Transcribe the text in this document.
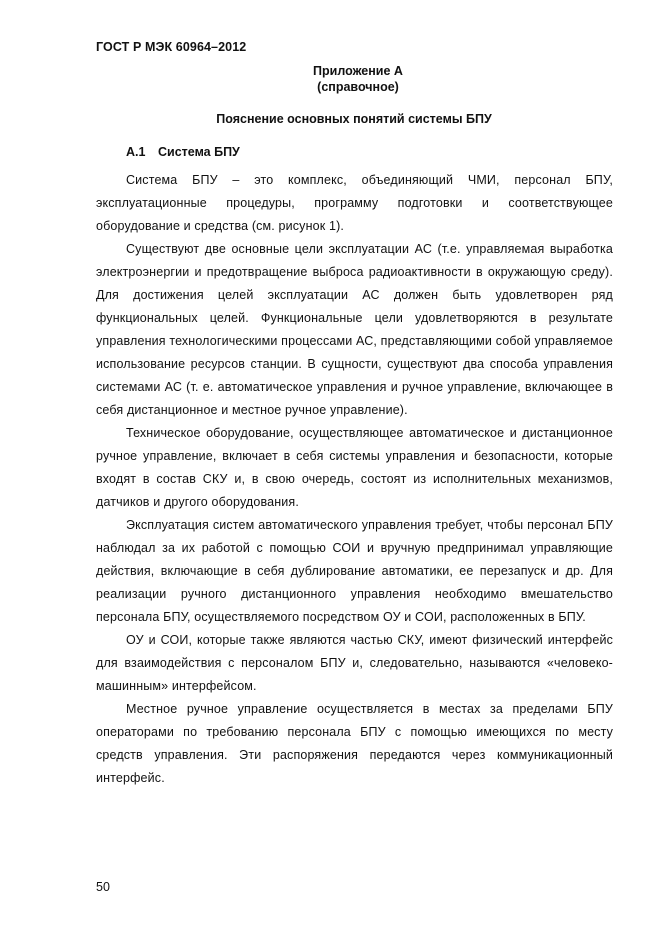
ГОСТ Р МЭК 60964–2012
Приложение А
(справочное)
Пояснение основных понятий системы БПУ
А.1 Система БПУ

Система БПУ – это комплекс, объединяющий ЧМИ, персонал БПУ, эксплуатационные процедуры, программу подготовки и соответствующее оборудование и средства (см. рисунок 1).

Существуют две основные цели эксплуатации АС (т.е. управляемая выработка электроэнергии и предотвращение выброса радиоактивности в окружающую среду). Для достижения целей эксплуатации АС должен быть удовлетворен ряд функциональных целей. Функциональные цели удовлетворяются в результате управления технологическими процессами АС, представляющими собой управляемое использование ресурсов станции. В сущности, существуют два способа управления системами АС (т. е. автоматическое управления и ручное управление, включающее в себя дистанционное и местное ручное управление).

Техническое оборудование, осуществляющее автоматическое и дистанционное ручное управление, включает в себя системы управления и безопасности, которые входят в состав СКУ и, в свою очередь, состоят из исполнительных механизмов, датчиков и другого оборудования.

Эксплуатация систем автоматического управления требует, чтобы персонал БПУ наблюдал за их работой с помощью СОИ и вручную предпринимал управляющие действия, включающие в себя дублирование автоматики, ее перезапуск и др. Для реализации ручного дистанционного управления необходимо вмешательство персонала БПУ, осуществляемого посредством ОУ и СОИ, расположенных в БПУ.

ОУ и СОИ, которые также являются частью СКУ, имеют физический интерфейс для взаимодействия с персоналом БПУ и, следовательно, называются «человеко-машинным» интерфейсом.

Местное ручное управление осуществляется в местах за пределами БПУ операторами по требованию персонала БПУ с помощью имеющихся по месту средств управления. Эти распоряжения передаются через коммуникационный интерфейс.

50
